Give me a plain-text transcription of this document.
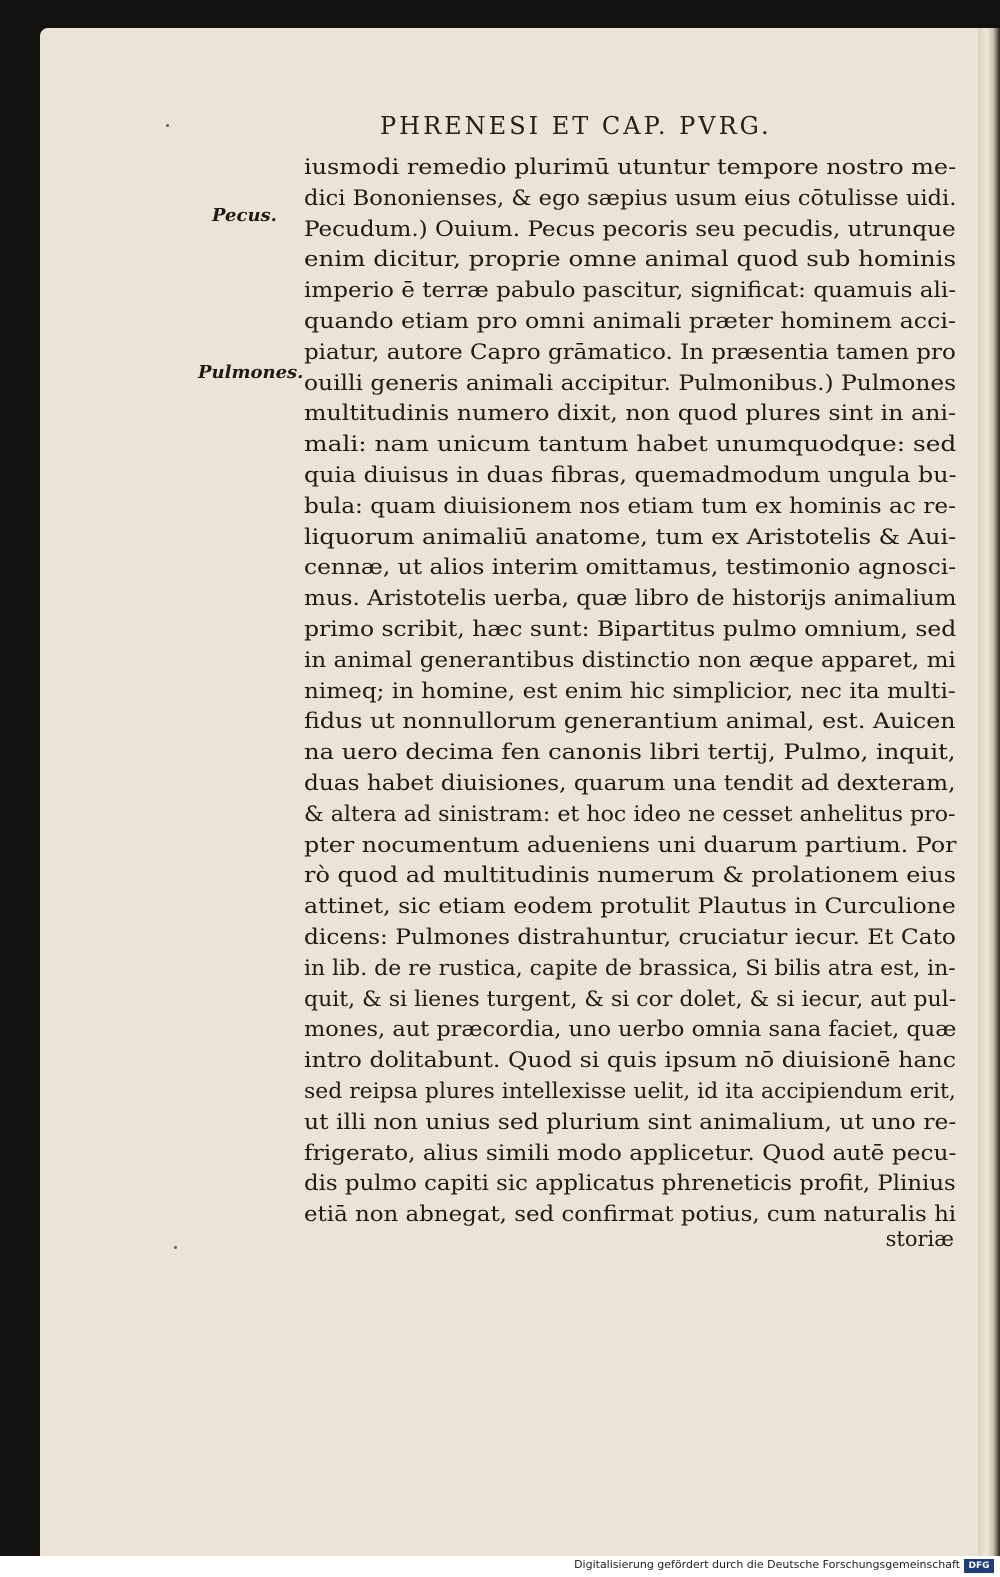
PHRENESI ET CAP. PVRG.
Pecus.
Pulmones.
iusmodi remedio plurimū utuntur tempore nostro me-
dici Bononienses, & ego sæpius usum eius cōtulisse uidi.
Pecudum.) Ouium. Pecus pecoris seu pecudis, utrunque
enim dicitur, proprie omne animal quod sub hominis
imperio ē terræ pabulo pascitur, significat: quamuis ali-
quando etiam pro omni animali præter hominem acci-
piatur, autore Capro grāmatico. In præsentia tamen pro
ouilli generis animali accipitur. Pulmonibus.) Pulmones
multitudinis numero dixit, non quod plures sint in ani-
mali: nam unicum tantum habet unumquodque: sed
quia diuisus in duas fibras, quemadmodum ungula bu-
bula: quam diuisionem nos etiam tum ex hominis ac re-
liquorum animaliū anatome, tum ex Aristotelis & Aui-
cennæ, ut alios interim omittamus, testimonio agnosci-
mus. Aristotelis uerba, quæ libro de historijs animalium
primo scribit, hæc sunt: Bipartitus pulmo omnium, sed
in animal generantibus distinctio non æque apparet, mi
nimeq; in homine, est enim hic simplicior, nec ita multi-
fidus ut nonnullorum generantium animal, est. Auicen
na uero decima fen canonis libri tertij, Pulmo, inquit,
duas habet diuisiones, quarum una tendit ad dexteram,
& altera ad sinistram: et hoc ideo ne cesset anhelitus pro-
pter nocumentum adueniens uni duarum partium. Por
rò quod ad multitudinis numerum & prolationem eius
attinet, sic etiam eodem protulit Plautus in Curculione
dicens: Pulmones distrahuntur, cruciatur iecur. Et Cato
in lib. de re rustica, capite de brassica, Si bilis atra est, in-
quit, & si lienes turgent, & si cor dolet, & si iecur, aut pul-
mones, aut præcordia, uno uerbo omnia sana faciet, quæ
intro dolitabunt. Quod si quis ipsum nō diuisionē hanc
sed reipsa plures intellexisse uelit, id ita accipiendum erit,
ut illi non unius sed plurium sint animalium, ut uno re-
frigerato, alius simili modo applicetur. Quod autē pecu-
dis pulmo capiti sic applicatus phreneticis profit, Plinius
etiā non abnegat, sed confirmat potius, cum naturalis hi
storiæ
Digitalisierung gefördert durch die Deutsche Forschungsgemeinschaft DFG
